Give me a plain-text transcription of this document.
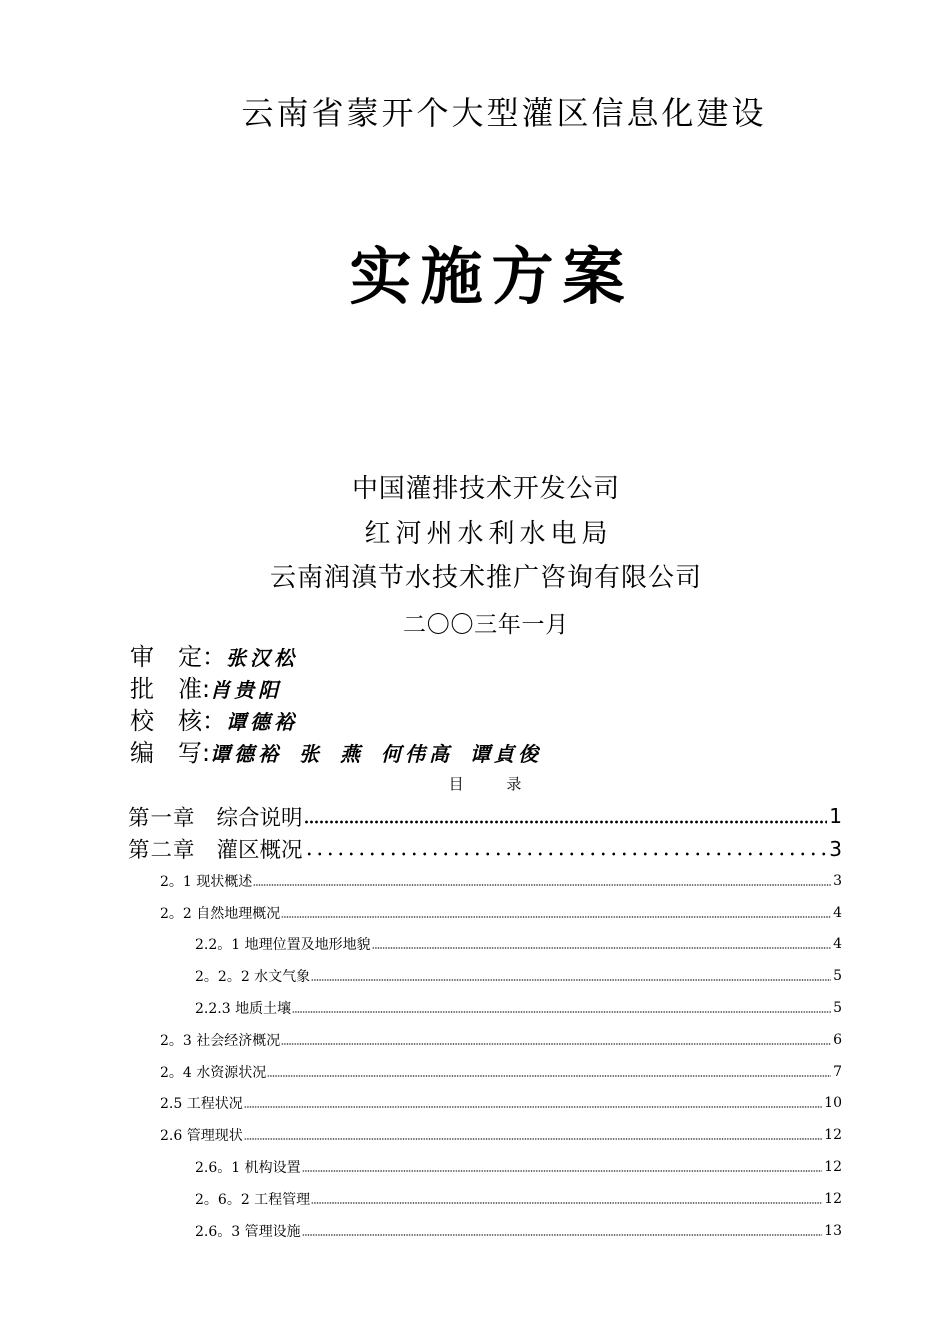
云南省蒙开个大型灌区信息化建设
实施方案
中国灌排技术开发公司
红河州水利水电局
云南润滇节水技术推广咨询有限公司
二〇〇三年一月
审　定：张汉松
批　准:肖贵阳
校　核：谭德裕
编　写:谭德裕 张 燕 何伟高 谭貞俊
目 录
第一章 综合说明	1
第二章 灌区概况	3
2。1 现状概述	3
2。2 自然地理概况	4
2.2。1 地理位置及地形地貌	4
2。2。2 水文气象	5
2.2.3 地质土壤	5
2。3 社会经济概况	6
2。4 水资源状况	7
2.5 工程状况	10
2.6 管理现状	12
2.6。1 机构设置	12
2。6。2 工程管理	12
2.6。3 管理设施	13
